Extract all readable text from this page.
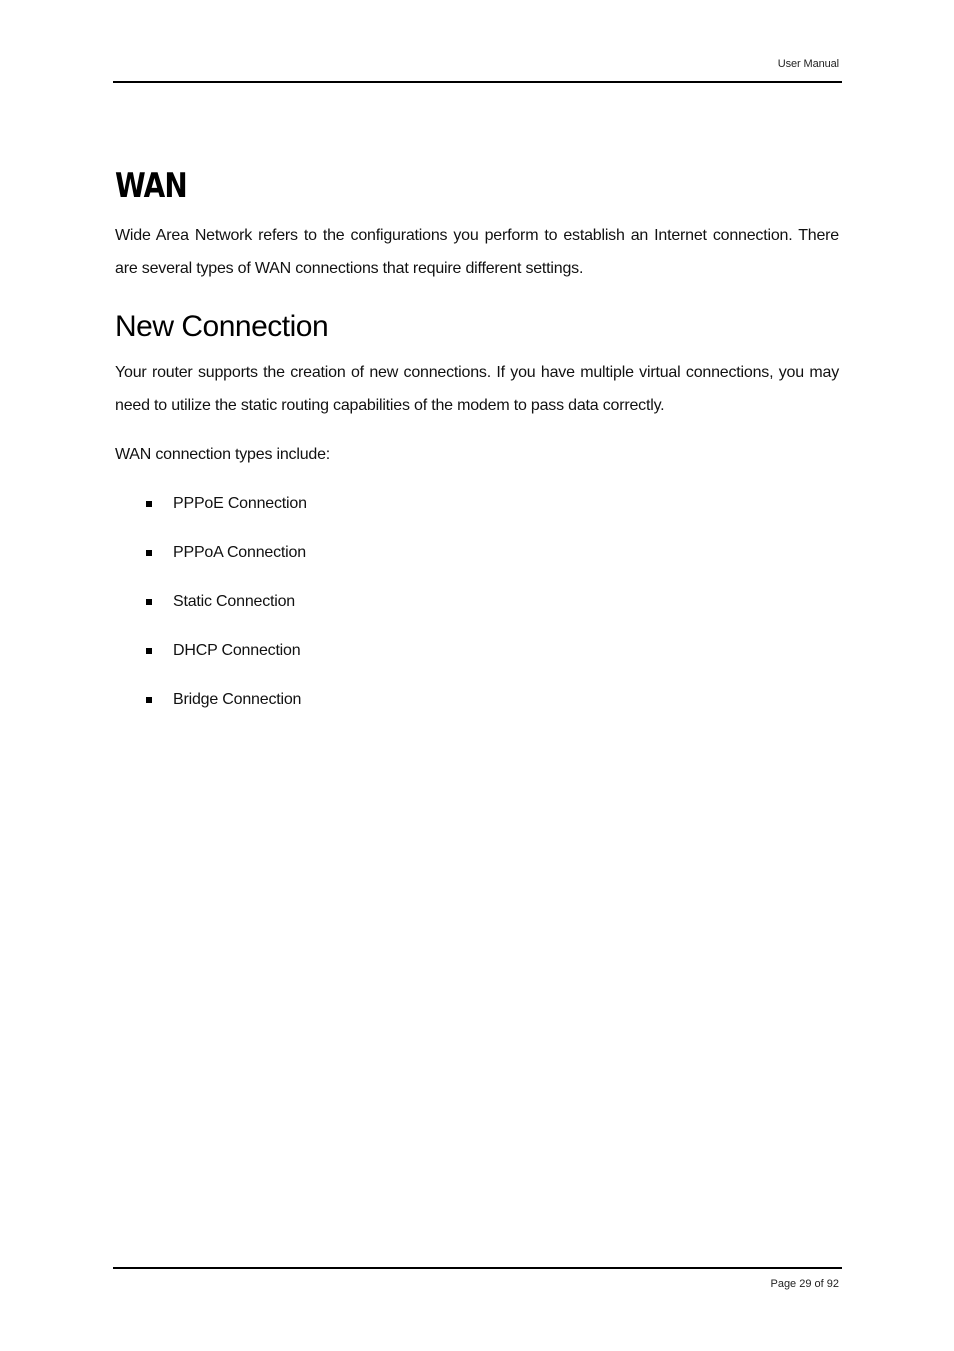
User Manual
WAN

Wide Area Network refers to the configurations you perform to establish an Internet connection. There are several types of WAN connections that require different settings.

New Connection

Your router supports the creation of new connections. If you have multiple virtual connections, you may need to utilize the static routing capabilities of the modem to pass data correctly.

WAN connection types include:

PPPoE Connection
PPPoA Connection
Static Connection
DHCP Connection
Bridge Connection
Page 29 of 92
